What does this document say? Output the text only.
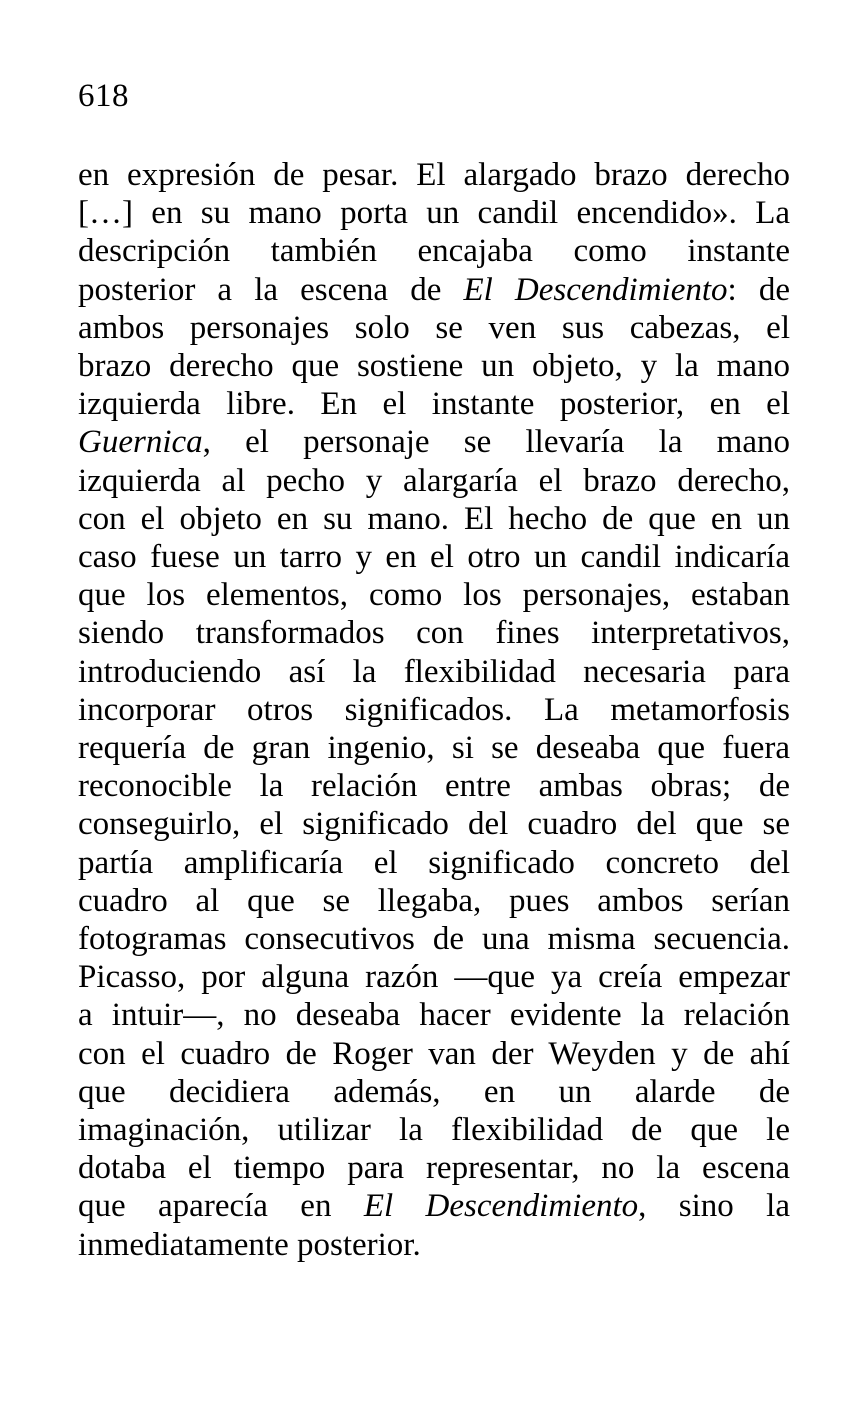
618
en expresión de pesar. El alargado brazo derecho
[…] en su mano porta un candil encendido». La
descripción también encajaba como instante
posterior a la escena de El Descendimiento: de
ambos personajes solo se ven sus cabezas, el
brazo derecho que sostiene un objeto, y la mano
izquierda libre. En el instante posterior, en el
Guernica, el personaje se llevaría la mano
izquierda al pecho y alargaría el brazo derecho,
con el objeto en su mano. El hecho de que en un
caso fuese un tarro y en el otro un candil indicaría
que los elementos, como los personajes, estaban
siendo transformados con fines interpretativos,
introduciendo así la flexibilidad necesaria para
incorporar otros significados. La metamorfosis
requería de gran ingenio, si se deseaba que fuera
reconocible la relación entre ambas obras; de
conseguirlo, el significado del cuadro del que se
partía amplificaría el significado concreto del
cuadro al que se llegaba, pues ambos serían
fotogramas consecutivos de una misma secuencia.
Picasso, por alguna razón —que ya creía empezar
a intuir—, no deseaba hacer evidente la relación
con el cuadro de Roger van der Weyden y de ahí
que decidiera además, en un alarde de
imaginación, utilizar la flexibilidad de que le
dotaba el tiempo para representar, no la escena
que aparecía en El Descendimiento, sino la
inmediatamente posterior.
